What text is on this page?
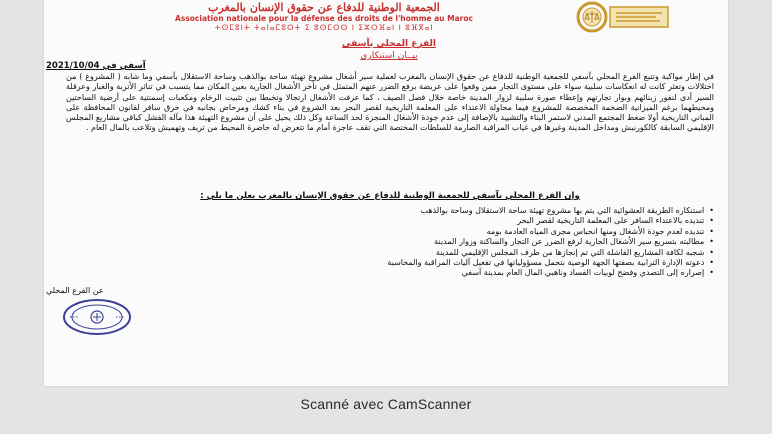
الجمعية الوطنية للدفاع عن حقوق الإنسان بالمغرب
Association nationale pour la défense des droits de l'homme au Maroc
+ⵙⵎⵓⵏⵜ ⵜⴰⵏⴰⵎⵓⵔⵜ ⵉ ⵓⵙⵎⵔⵙ ⵏ ⵉⵣⵔⴼⴰⵏ ⵏ ⵓⴼⴳⴰⵏ
الفرع المحلي بآسفي
بيــان استنكاري
آسفي في 2021/10/04

في إطار مواكبة وتتبع الفرع المحلي بآسفي للجمعية الوطنية للدفاع عن حقوق الإنسان بالمغرب لعملية سير أشغال مشروع تهيئة ساحة بوالذهب وساحة الاستقلال بآسفي وما شابه ( المشروع ) من اختلالات وتعثر كانت له انعكاسات سلبية سواء على مستوى التجار ممن وقعوا على عريضة برفع الضرر عنهم المتمثل في تأخر الأشغال الجارية بعين المكان مما يتسبب في تناثر الأتربة والغبار وعرقلة السير أدى لنفور زبنائهم وبوار تجارتهم وإعطاء صورة سلبية لزوار المدينة خاصة خلال فصل الصيف ، كما عرفت الأشغال ارتجالا وتخبطا بين تثبيت الرخام ومكعبات إسمنتية على أرضية الساحتين ومحيطهما برغم الميزانية الضخمة المخصصة للمشروع فيما محاولة الاعتداء على المعلمة التاريخية لقصر البحر بعد الشروع في بناء كشك ومرحاض بجانبه في خرق سافر لقانون المحافظة على المباني التاريخية أولا ضغط المجتمع المدني لاستمر البناء والتشييد بالإضافة إلى عدم جودة الأشغال المنجزة لحد الساعة وكل ذلك يحيل على أن مشروع التهيئة هذا مآله الفشل كباقي مشاريع المجلس الإقليمي السابقة كالكورنيش ومداخل المدينة وغيرها في غياب المراقبة الصارمة للسلطات المختصة التي تقف عاجزة أمام ما تتعرض له حاضرة المحيط من تريف وتهميش وتلاعب بالمال العام .

وإن الفرع المحلي بآسفي للجمعية الوطنية للدفاع عن حقوق الإنسان بالمغرب يعلن ما يلي :

• استنكاره الطريقة العشوائية التي يتم بها مشروع تهيئة ساحة الاستقلال وساحة بوالذهب
• تنديده بالاعتداء السافر على المعلمة التاريخية لقصر البحر
• تنديده لعدم جودة الأشغال ومنها انحباس مجرى المياه العادمة بومه
• مطالبته بتسريع سير الأشغال الجارية لرفع الضرر عن التجار والساكنة وزوار المدينة
• شجبه لكافة المشاريع الفاشلة التي تم إنجازها من طرف المجلس الإقليمي للمدينة
• دعوته الإدارة الترابية بصفتها الجهة الوصية بتحمل مسؤولياتها في تفعيل آليات المراقبة والمحاسبة
• إصراره إلى التصدي وفضح لوبيات الفساد وناهبي المال العام بمدينة آسفي
عن الفرع المحلي
Scanné avec CamScanner
